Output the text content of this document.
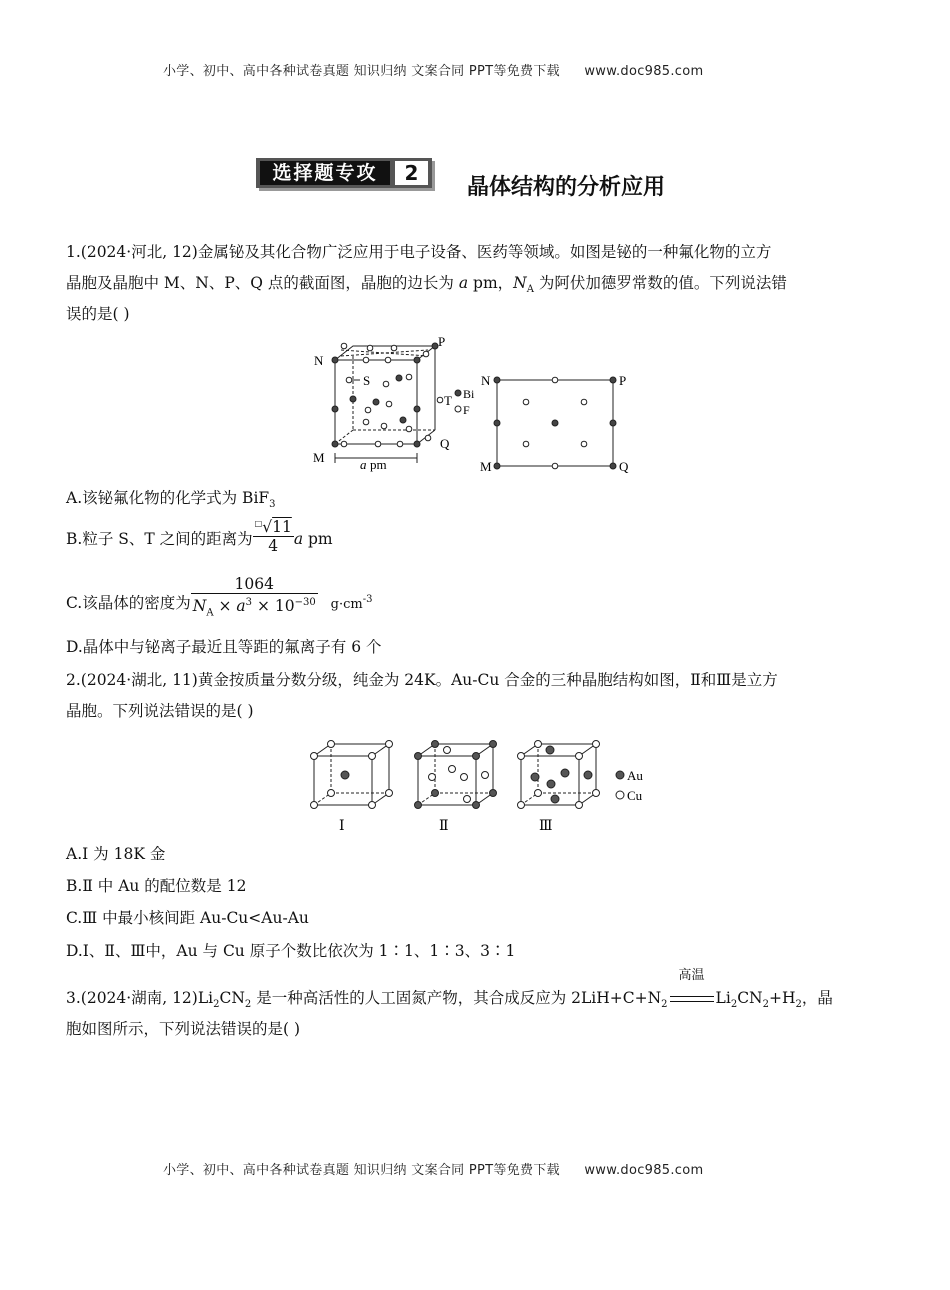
小学、初中、高中各种试卷真题 知识归纳 文案合同 PPT等免费下载 www.doc985.com
选择题专攻	2
晶体结构的分析应用
1.(2024·河北, 12)金属铋及其化合物广泛应用于电子设备、医药等领域。如图是铋的一种氟化物的立方
晶胞及晶胞中 M、N、P、Q 点的截面图，晶胞的边长为 a pm，$N_A$ 为阿伏加德罗常数的值。下列说法错
误的是( )
N
P
M
Q
S
T Bi
F
a pm
N	P
M	Q
A.该铋氟化物的化学式为 BiF$_3$
B.粒子 S、T 之间的距离为 $\frac{^□√11}{4}$ a pm
C.该晶体的密度为 $\frac{1064}{N_A \times a^3 \times 10^{-30}} g\cdot cm^{-3}$
D.晶体中与铋离子最近且等距的氟离子有 6 个
2.(2024·湖北, 11)黄金按质量分数分级，纯金为 24K。Au-Cu 合金的三种晶胞结构如图，Ⅱ和Ⅲ是立方
晶胞。下列说法错误的是( )
Au
Cu
Ⅰ	Ⅱ	Ⅲ
A.Ⅰ 为 18K 金
B.Ⅱ 中 Au 的配位数是 12
C.Ⅲ 中最小核间距 Au-Cu<Au-Au
D.Ⅰ、Ⅱ、Ⅲ中，Au 与 Cu 原子个数比依次为 1∶1、1∶3、3∶1
3.(2024·湖南, $12)Li_2CN_2$ 是一种高活性的人工固氮产物，其合成反应为 $2LiH+C+N_2$
高温
$Li_2CN_2+H_2$，晶
胞如图所示，下列说法错误的是( )
小学、初中、高中各种试卷真题 知识归纳 文案合同 PPT等免费下载 www.doc985.com
